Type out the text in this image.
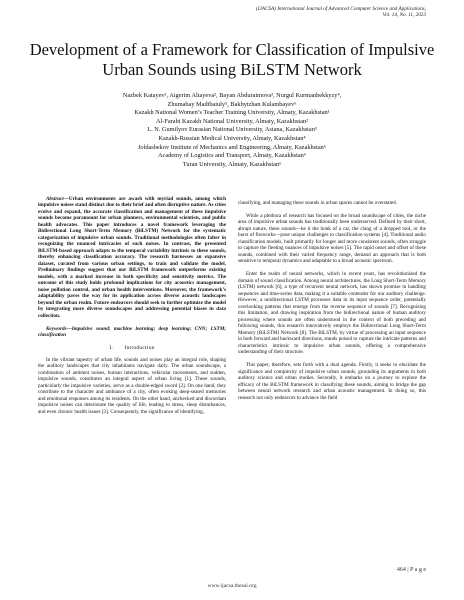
(IJACSA) International Journal of Advanced Computer Science and Applications,
Vol. 14, No. 11, 2023
Development of a Framework for Classification of Impulsive Urban Sounds using BiLSTM Network
Nazbek Katayev¹, Aigerim Altayeva², Bayan Abduraimova³, Nurgul Kurmanbekkyzy⁴,
Zhumabay Madibaiuly⁵, Bakhytzhan Kulambayev⁶
Kazakh National Women’s Teacher Training University, Almaty, Kazakhstan¹
Al-Farabi Kazakh National University, Almaty, Kazakhstan²
L. N. Gumilyov Eurasian National University, Astana, Kazakhstan³
Kazakh-Russian Medical University, Almaty, Kazakhstan⁴
Joldasbekov Institute of Mechanics and Engineering, Almaty, Kazakhstan⁵
Academy of Logistics and Transport, Almaty, Kazakhstan⁶
Turan University, Almaty, Kazakhstan⁶

Abstract—Urban environments are awash with myriad sounds, among which impulsive noises stand distinct due to their brief and often disruptive nature. As cities evolve and expand, the accurate classification and management of these impulsive sounds become paramount for urban planners, environmental scientists, and public health advocates. This paper introduces a novel framework leveraging the Bidirectional Long Short-Term Memory (BiLSTM) Network for the systematic categorization of impulsive urban sounds. Traditional methodologies often falter in recognizing the nuanced intricacies of such noises. In contrast, the presented BiLSTM-based approach adapts to the temporal variability intrinsic to these sounds, thereby enhancing classification accuracy. The research harnesses an expansive dataset, curated from various urban settings, to train and validate the model. Preliminary findings suggest that our BiLSTM framework outperforms existing models, with a marked increase in both specificity and sensitivity metrics. The outcome of this study holds profound implications for city acoustics management, noise pollution control, and urban health interventions. Moreover, the framework’s adaptability paves the way for its application across diverse acoustic landscapes beyond the urban realm. Future endeavors should seek to further optimize the model by integrating more diverse soundscapes and addressing potential biases in data collection.

Keywords—Impulsive sound; machine learning; deep learning; CNN; LSTM; classification

I.  Introduction

In the vibrant tapestry of urban life, sounds and noises play an integral role, shaping the auditory landscapes that city inhabitants navigate daily. The urban soundscape, a combination of ambient noises, human interactions, vehicular movements, and sudden, impulsive sounds, constitutes an integral aspect of urban living [1]. These sounds, particularly the impulsive varieties, serve as a double-edged sword [2]. On one hand, they contribute to the character and ambiance of a city, often evoking deep-seated memories and emotional responses among its residents. On the other hand, unchecked and discordant impulsive noises can deteriorate the quality of life, leading to stress, sleep disturbances, and even chronic health issues [3]. Consequently, the significance of identifying,

classifying, and managing these sounds in urban spaces cannot be overstated.

While a plethora of research has focused on the broad soundscape of cities, the niche area of impulsive urban sounds has traditionally been underserved. Defined by their short, abrupt nature, these sounds—be it the honk of a car, the clang of a dropped tool, or the burst of fireworks—pose unique challenges to classification systems [4]. Traditional audio classification models, built primarily for longer and more consistent sounds, often struggle to capture the fleeting nuances of impulsive noises [5]. The rapid onset and offset of these sounds, combined with their varied frequency range, demand an approach that is both sensitive to temporal dynamics and adaptable to a broad acoustic spectrum.

Enter the realm of neural networks, which in recent years, has revolutionized the domain of sound classification. Among neural architectures, the Long Short-Term Memory (LSTM) network [6], a type of recurrent neural network, has shown promise in handling sequences and time-series data, making it a suitable contender for our auditory challenge. However, a unidirectional LSTM processes data in its input sequence order, potentially overlooking patterns that emerge from the reverse sequence of sounds [7]. Recognizing this limitation, and drawing inspiration from the bidirectional nature of human auditory processing where sounds are often understood in the context of both preceding and following sounds, this research innovatively employs the Bidirectional Long Short-Term Memory (BiLSTM) Network [8]. The BiLSTM, by virtue of processing an input sequence in both forward and backward directions, stands poised to capture the intricate patterns and characteristics intrinsic to impulsive urban sounds, offering a comprehensive understanding of their structure.

This paper, therefore, sets forth with a dual agenda. Firstly, it seeks to elucidate the significance and complexity of impulsive urban sounds, grounding its arguments in both auditory science and urban studies. Secondly, it embarks on a journey to explore the efficacy of the BiLSTM framework in classifying these sounds, aiming to bridge the gap between neural network research and urban acoustic management. In doing so, this research not only endeavors to advance the field

464 | P a g e
www.ijacsa.thesai.org
